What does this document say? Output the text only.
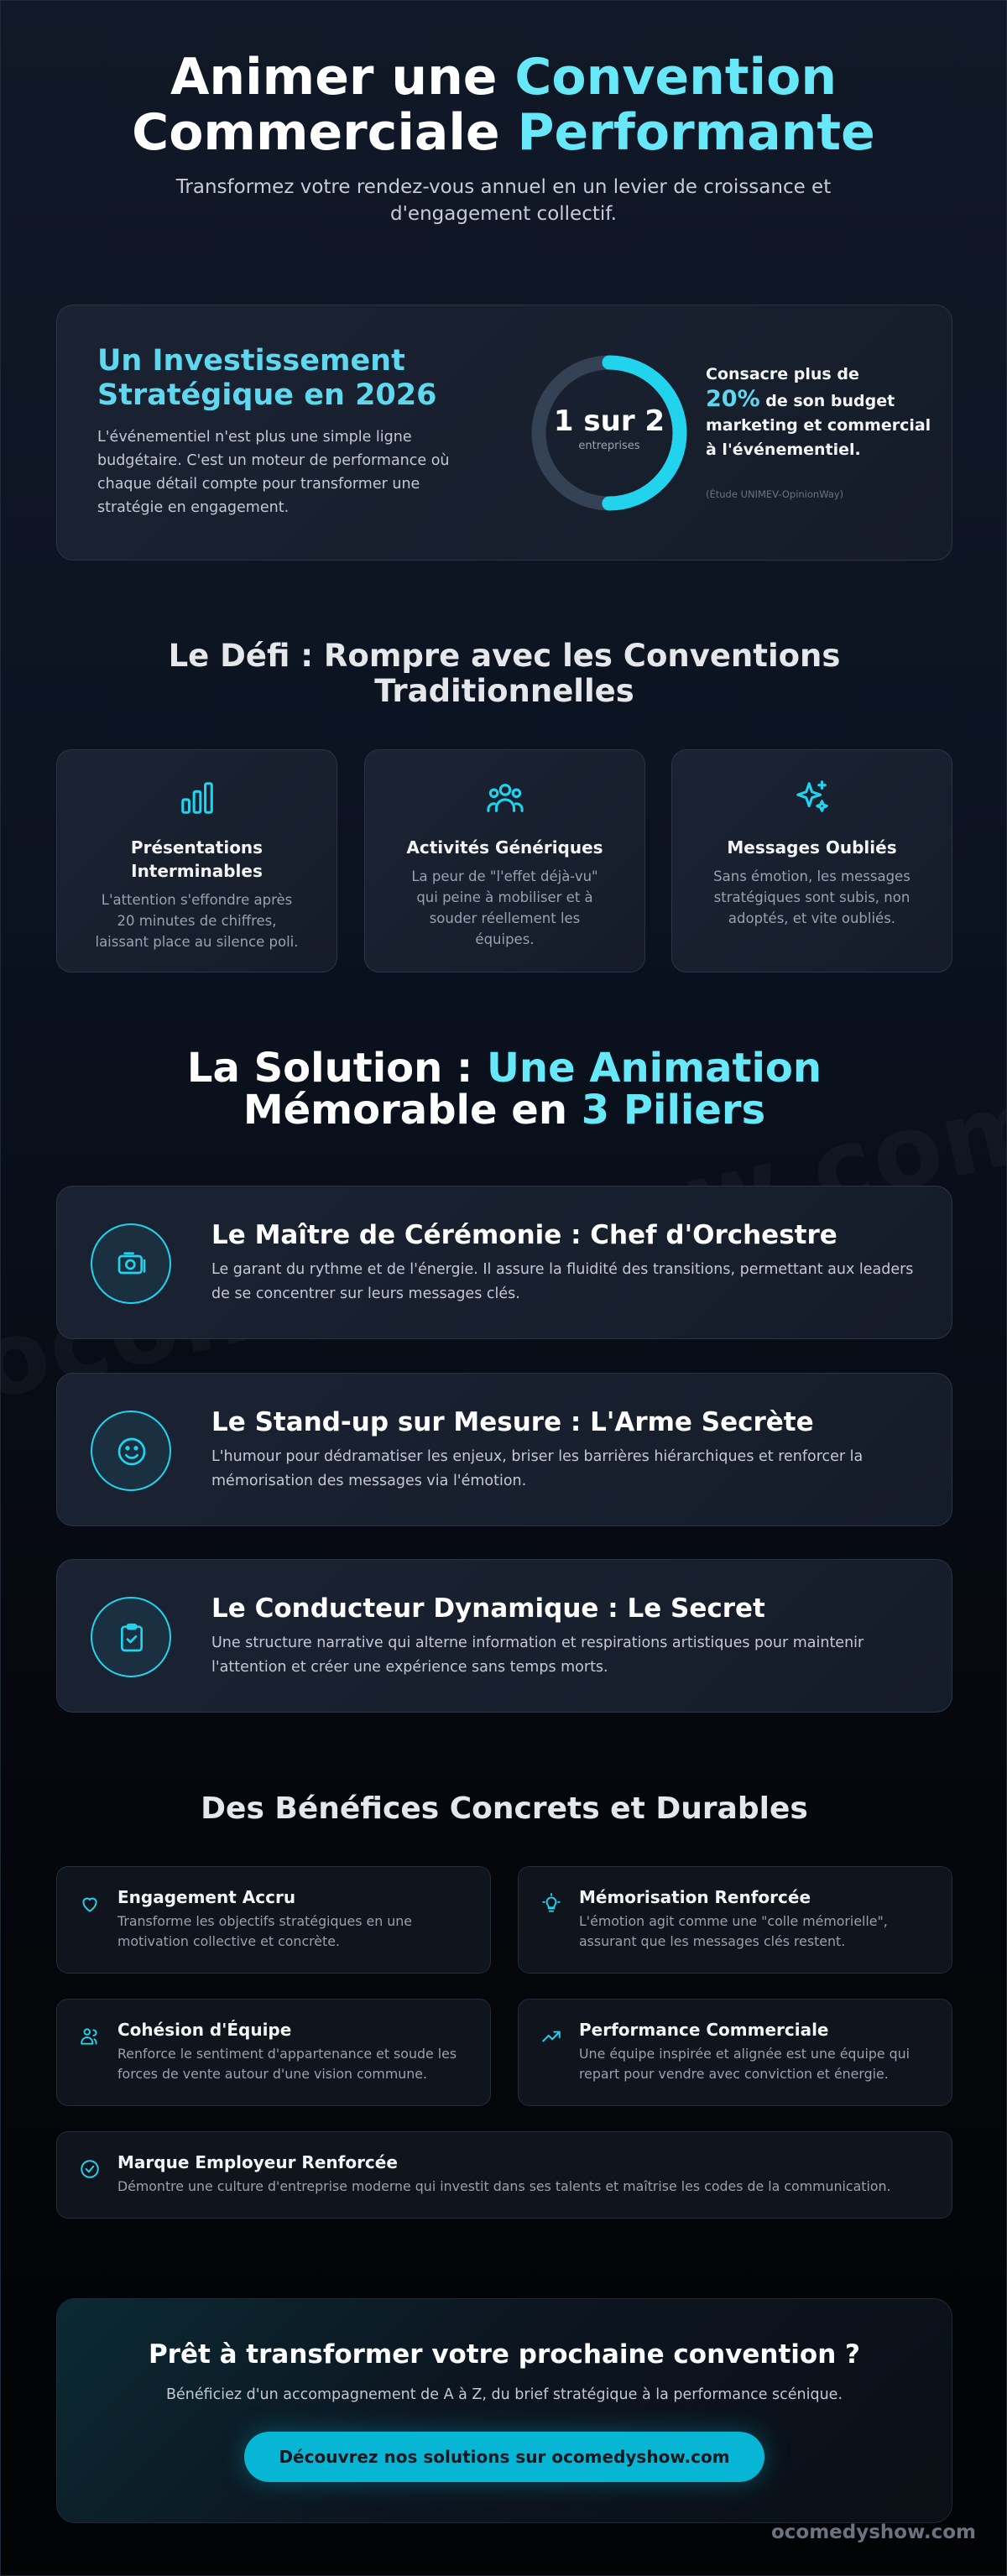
Animer une Convention
Commerciale Performante

Transformez votre rendez-vous annuel en un levier de croissance et
d'engagement collectif.

Un Investissement
Stratégique en 2026

L'événementiel n'est plus une simple ligne budgétaire. C'est un moteur de performance où chaque détail compte pour transformer une stratégie en engagement.

1 sur 2
entreprises
Consacre plus de
20% de son budget marketing et commercial à l'événementiel.
(Étude UNIMEV-OpinionWay)
Le Défi : Rompre avec les Conventions
Traditionnelles
Présentations Interminables

L'attention s'effondre après 20 minutes de chiffres, laissant place au silence poli.

Activités Génériques

La peur de "l'effet déjà-vu" qui peine à mobiliser et à souder réellement les équipes.

Messages Oubliés

Sans émotion, les messages stratégiques sont subis, non adoptés, et vite oubliés.

La Solution : Une Animation
Mémorable en 3 Piliers
Le Maître de Cérémonie : Chef d'Orchestre

Le garant du rythme et de l'énergie. Il assure la fluidité des transitions, permettant aux leaders de se concentrer sur leurs messages clés.

Le Stand-up sur Mesure : L'Arme Secrète

L'humour pour dédramatiser les enjeux, briser les barrières hiérarchiques et renforcer la mémorisation des messages via l'émotion.

Le Conducteur Dynamique : Le Secret

Une structure narrative qui alterne information et respirations artistiques pour maintenir l'attention et créer une expérience sans temps morts.

Des Bénéfices Concrets et Durables
Engagement Accru

Transforme les objectifs stratégiques en une motivation collective et concrète.

Mémorisation Renforcée

L'émotion agit comme une "colle mémorielle", assurant que les messages clés restent.

Cohésion d'Équipe

Renforce le sentiment d'appartenance et soude les forces de vente autour d'une vision commune.

Performance Commerciale

Une équipe inspirée et alignée est une équipe qui repart pour vendre avec conviction et énergie.

Marque Employeur Renforcée

Démontre une culture d'entreprise moderne qui investit dans ses talents et maîtrise les codes de la communication.

Prêt à transformer votre prochaine convention ?

Bénéficiez d'un accompagnement de A à Z, du brief stratégique à la performance scénique.

Découvrez nos solutions sur ocomedyshow.com
ocomedyshow.com
